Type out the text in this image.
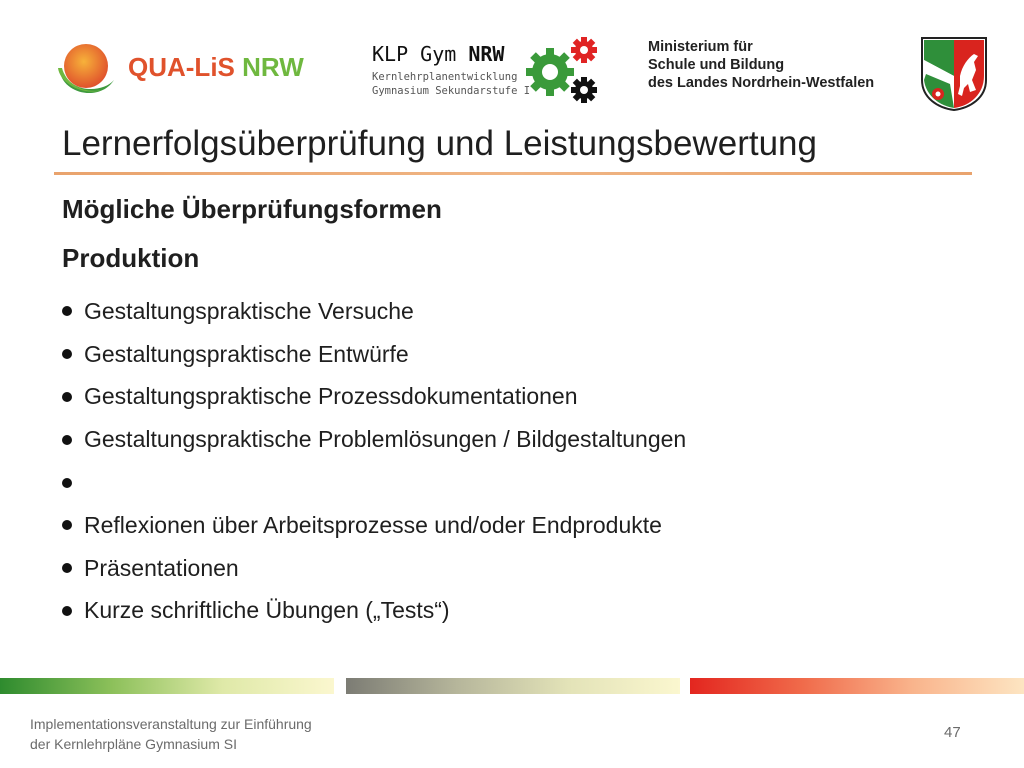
QUA-LiS NRW	KLP Gym NRW
Kernlehrplanentwicklung
Gymnasium Sekundarstufe I
Ministerium für
Schule und Bildung
des Landes Nordrhein-Westfalen
Lernerfolgsüberprüfung und Leistungsbewertung
Mögliche Überprüfungsformen
Produktion
Gestaltungspraktische Versuche
Gestaltungspraktische Entwürfe
Gestaltungspraktische Prozessdokumentationen
Gestaltungspraktische Problemlösungen / Bildgestaltungen
Reflexionen über Arbeitsprozesse und/oder Endprodukte
Präsentationen
Kurze schriftliche Übungen („Tests“)
Implementationsveranstaltung zur Einführung
der Kernlehrpläne Gymnasium SI
47
